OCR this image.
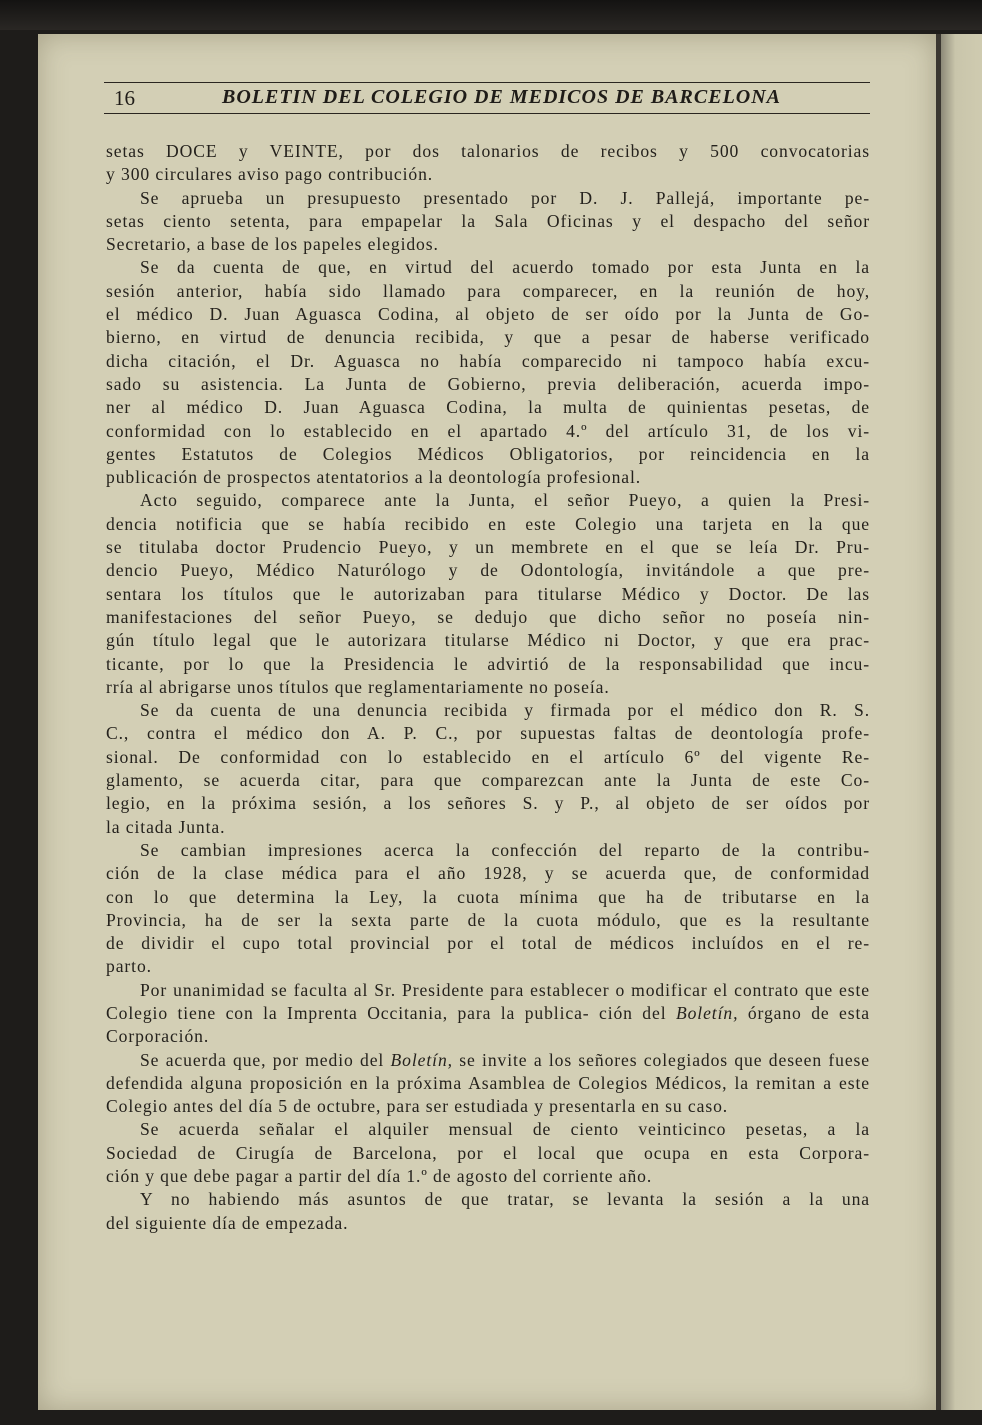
16	BOLETIN DEL COLEGIO DE MEDICOS DE BARCELONA

setas DOCE y VEINTE, por dos talonarios de recibos y 500 convocatorias

y 300 circulares aviso pago contribución.

Se aprueba un presupuesto presentado por D. J. Pallejá, importante pe-

setas ciento setenta, para empapelar la Sala Oficinas y el despacho del señor

Secretario, a base de los papeles elegidos.

Se da cuenta de que, en virtud del acuerdo tomado por esta Junta en la

sesión anterior, había sido llamado para comparecer, en la reunión de hoy,

el médico D. Juan Aguasca Codina, al objeto de ser oído por la Junta de Go-

bierno, en virtud de denuncia recibida, y que a pesar de haberse verificado

dicha citación, el Dr. Aguasca no había comparecido ni tampoco había excu-

sado su asistencia. La Junta de Gobierno, previa deliberación, acuerda impo-

ner al médico D. Juan Aguasca Codina, la multa de quinientas pesetas, de

conformidad con lo establecido en el apartado 4.º del artículo 31, de los vi-

gentes Estatutos de Colegios Médicos Obligatorios, por reincidencia en la

publicación de prospectos atentatorios a la deontología profesional.

Acto seguido, comparece ante la Junta, el señor Pueyo, a quien la Presi-

dencia notificia que se había recibido en este Colegio una tarjeta en la que

se titulaba doctor Prudencio Pueyo, y un membrete en el que se leía Dr. Pru-

dencio Pueyo, Médico Naturólogo y de Odontología, invitándole a que pre-

sentara los títulos que le autorizaban para titularse Médico y Doctor. De las

manifestaciones del señor Pueyo, se dedujo que dicho señor no poseía nin-

gún título legal que le autorizara titularse Médico ni Doctor, y que era prac-

ticante, por lo que la Presidencia le advirtió de la responsabilidad que incu-

rría al abrigarse unos títulos que reglamentariamente no poseía.

Se da cuenta de una denuncia recibida y firmada por el médico don R. S.

C., contra el médico don A. P. C., por supuestas faltas de deontología profe-

sional. De conformidad con lo establecido en el artículo 6º del vigente Re-

glamento, se acuerda citar, para que comparezcan ante la Junta de este Co-

legio, en la próxima sesión, a los señores S. y P., al objeto de ser oídos por

la citada Junta.

Se cambian impresiones acerca la confección del reparto de la contribu-

ción de la clase médica para el año 1928, y se acuerda que, de conformidad

con lo que determina la Ley, la cuota mínima que ha de tributarse en la

Provincia, ha de ser la sexta parte de la cuota módulo, que es la resultante

de dividir el cupo total provincial por el total de médicos incluídos en el re-

parto.

Por unanimidad se faculta al Sr. Presidente para establecer o modificar el contrato que este Colegio tiene con la Imprenta Occitania, para la publica- ción del Boletín, órgano de esta Corporación.

Se acuerda que, por medio del Boletín, se invite a los señores colegiados que deseen fuese defendida alguna proposición en la próxima Asamblea de Colegios Médicos, la remitan a este Colegio antes del día 5 de octubre, para ser estudiada y presentarla en su caso.

Se acuerda señalar el alquiler mensual de ciento veinticinco pesetas, a la

Sociedad de Cirugía de Barcelona, por el local que ocupa en esta Corpora-

ción y que debe pagar a partir del día 1.º de agosto del corriente año.

Y no habiendo más asuntos de que tratar, se levanta la sesión a la una

del siguiente día de empezada.
